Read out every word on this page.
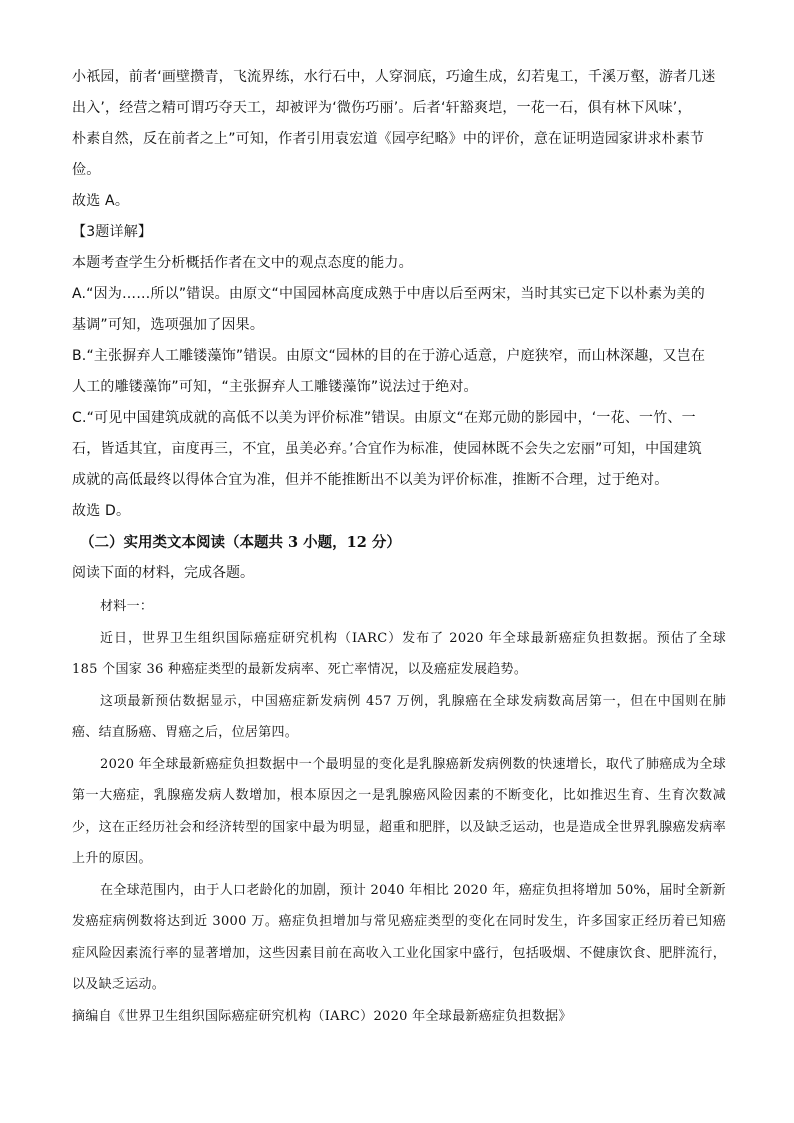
小祇园，前者‘画壁攒青，飞流界练，水行石中，人穿洞底，巧逾生成，幻若鬼工，千溪万壑，游者几迷

出入’，经营之精可谓巧夺天工，却被评为‘微伤巧丽’。后者‘轩豁爽垲，一花一石，俱有林下风味’，

朴素自然，反在前者之上”可知，作者引用袁宏道《园亭纪略》中的评价，意在证明造园家讲求朴素节

俭。

故选 A。

【3题详解】

本题考查学生分析概括作者在文中的观点态度的能力。

A.“因为……所以”错误。由原文“中国园林高度成熟于中唐以后至两宋，当时其实已定下以朴素为美的

基调”可知，选项强加了因果。

B.“主张摒弃人工雕镂藻饰”错误。由原文“园林的目的在于游心适意，户庭狭窄，而山林深趣，又岂在

人工的雕镂藻饰”可知，“主张摒弃人工雕镂藻饰”说法过于绝对。

C.“可见中国建筑成就的高低不以美为评价标准”错误。由原文“在郑元勋的影园中，‘一花、一竹、一

石，皆适其宜，亩度再三，不宜，虽美必弃。’合宜作为标准，使园林既不会失之宏丽”可知，中国建筑

成就的高低最终以得体合宜为准，但并不能推断出不以美为评价标准，推断不合理，过于绝对。

故选 D。

（二）实用类文本阅读（本题共 3 小题，12 分）

阅读下面的材料，完成各题。

材料一：

近日，世界卫生组织国际癌症研究机构（IARC）发布了 2020 年全球最新癌症负担数据。预估了全球 185 个国家 36 种癌症类型的最新发病率、死亡率情况，以及癌症发展趋势。

这项最新预估数据显示，中国癌症新发病例 457 万例，乳腺癌在全球发病数高居第一，但在中国则在肺癌、结直肠癌、胃癌之后，位居第四。

2020 年全球最新癌症负担数据中一个最明显的变化是乳腺癌新发病例数的快速增长，取代了肺癌成为全球第一大癌症，乳腺癌发病人数增加，根本原因之一是乳腺癌风险因素的不断变化，比如推迟生育、生育次数减少，这在正经历社会和经济转型的国家中最为明显，超重和肥胖，以及缺乏运动，也是造成全世界乳腺癌发病率上升的原因。

在全球范围内，由于人口老龄化的加剧，预计 2040 年相比 2020 年，癌症负担将增加 50%，届时全新新发癌症病例数将达到近 3000 万。癌症负担增加与常见癌症类型的变化在同时发生，许多国家正经历着已知癌症风险因素流行率的显著增加，这些因素目前在高收入工业化国家中盛行，包括吸烟、不健康饮食、肥胖流行，以及缺乏运动。

摘编自《世界卫生组织国际癌症研究机构（IARC）2020 年全球最新癌症负担数据》
